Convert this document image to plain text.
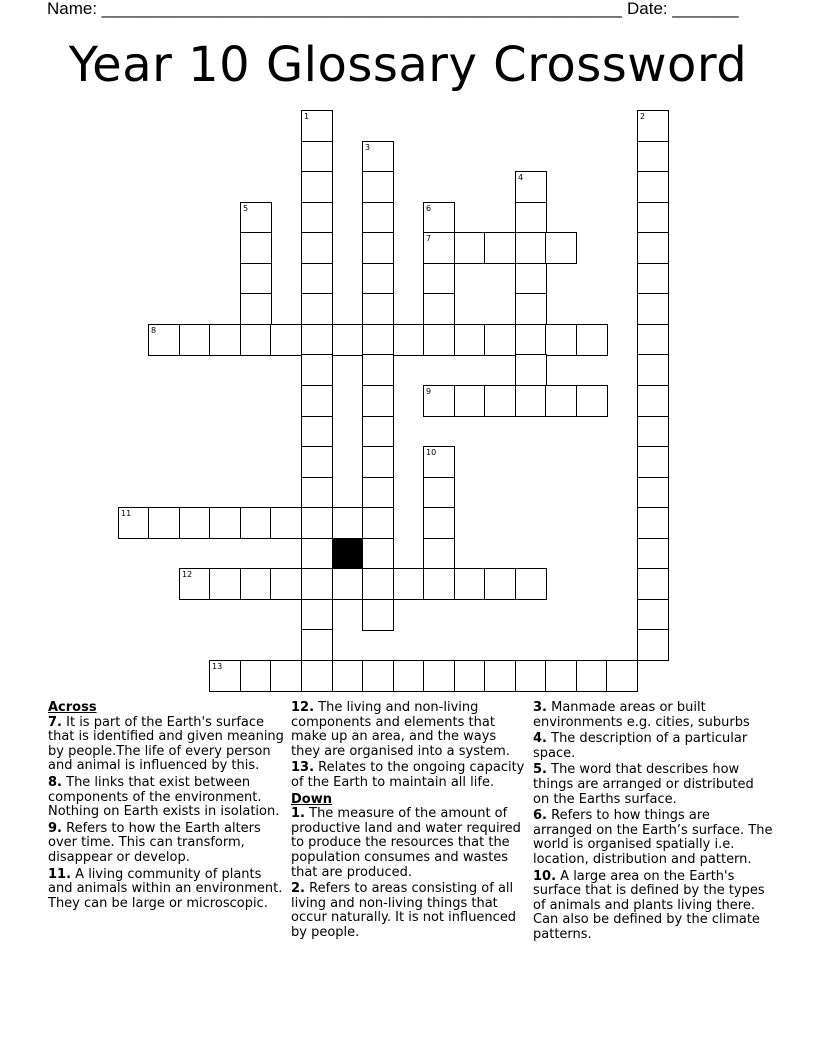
Name: _______________________________________________________ Date: _______
Year 10 Glossary Crossword
1	2
3
4
5	6
7
8
9
10
11
12
13
Across
7. It is part of the Earth's surface that is identified and given meaning by people.The life of every person and animal is influenced by this.
8. The links that exist between components of the environment. Nothing on Earth exists in isolation.
9. Refers to how the Earth alters over time. This can transform, disappear or develop.
11. A living community of plants and animals within an environment. They can be large or microscopic.
12. The living and non-living components and elements that make up an area, and the ways they are organised into a system.
13. Relates to the ongoing capacity of the Earth to maintain all life.
Down
1. The measure of the amount of productive land and water required to produce the resources that the population consumes and wastes that are produced.
2. Refers to areas consisting of all living and non-living things that occur naturally. It is not influenced by people.
3. Manmade areas or built environments e.g. cities, suburbs
4. The description of a particular space.
5. The word that describes how things are arranged or distributed on the Earths surface.
6. Refers to how things are arranged on the Earth’s surface. The world is organised spatially i.e. location, distribution and pattern.
10. A large area on the Earth's surface that is defined by the types of animals and plants living there. Can also be defined by the climate patterns.
